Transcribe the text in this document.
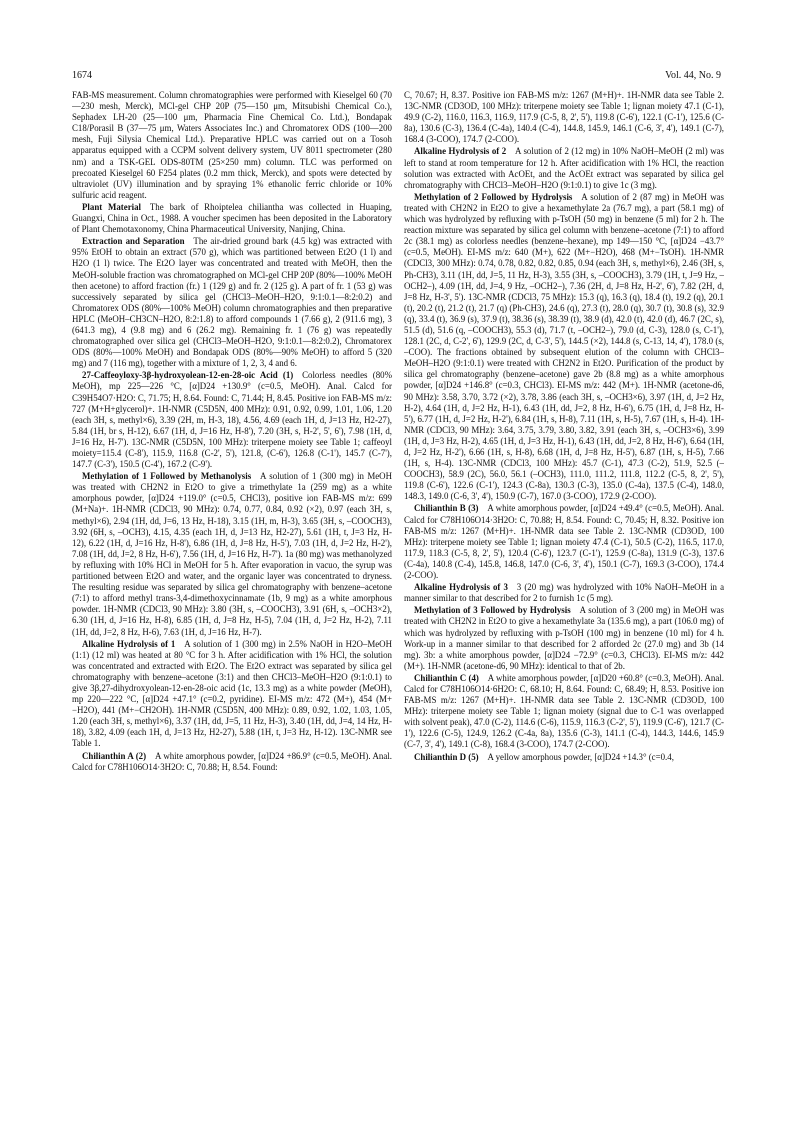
1674	Vol. 44, No. 9

FAB-MS measurement. Column chromatographies were performed with Kieselgel 60 (70—230 mesh, Merck), MCl-gel CHP 20P (75—150 μm, Mitsubishi Chemical Co.), Sephadex LH-20 (25—100 μm, Pharmacia Fine Chemical Co. Ltd.), Bondapak C18/Porasil B (37—75 μm, Waters Associates Inc.) and Chromatorex ODS (100—200 mesh, Fuji Silysia Chemical Ltd.). Preparative HPLC was carried out on a Tosoh apparatus equipped with a CCPM solvent delivery system, UV 8011 spectrometer (280 nm) and a TSK-GEL ODS-80TM (25×250 mm) column. TLC was performed on precoated Kieselgel 60 F254 plates (0.2 mm thick, Merck), and spots were detected by ultraviolet (UV) illumination and by spraying 1% ethanolic ferric chloride or 10% sulfuric acid reagent.

Plant Material  The bark of Rhoiptelea chiliantha was collected in Huaping, Guangxi, China in Oct., 1988. A voucher specimen has been deposited in the Laboratory of Plant Chemotaxonomy, China Pharmaceutical University, Nanjing, China.

Extraction and Separation  The air-dried ground bark (4.5 kg) was extracted with 95% EtOH to obtain an extract (570 g), which was partitioned between Et2O (1 l) and H2O (1 l) twice. The Et2O layer was concentrated and treated with MeOH, then the MeOH-soluble fraction was chromatographed on MCl-gel CHP 20P (80%—100% MeOH then acetone) to afford fraction (fr.) 1 (129 g) and fr. 2 (125 g). A part of fr. 1 (53 g) was successively separated by silica gel (CHCl3–MeOH–H2O, 9:1:0.1—8:2:0.2) and Chromatorex ODS (80%—100% MeOH) column chromatographies and then preparative HPLC (MeOH–CH3CN–H2O, 8:2:1.8) to afford compounds 1 (7.66 g), 2 (911.6 mg), 3 (641.3 mg), 4 (9.8 mg) and 6 (26.2 mg). Remaining fr. 1 (76 g) was repeatedly chromatographed over silica gel (CHCl3–MeOH–H2O, 9:1:0.1—8:2:0.2), Chromatorex ODS (80%—100% MeOH) and Bondapak ODS (80%—90% MeOH) to afford 5 (320 mg) and 7 (116 mg), together with a mixture of 1, 2, 3, 4 and 6.

27-Caffeoyloxy-3β-hydroxyolean-12-en-28-oic Acid (1)  Colorless needles (80% MeOH), mp 225—226 °C, [α]D24 +130.9° (c=0.5, MeOH). Anal. Calcd for C39H54O7·H2O: C, 71.75; H, 8.64. Found: C, 71.44; H, 8.45. Positive ion FAB-MS m/z: 727 (M+H+glycerol)+. 1H-NMR (C5D5N, 400 MHz): 0.91, 0.92, 0.99, 1.01, 1.06, 1.20 (each 3H, s, methyl×6), 3.39 (2H, m, H-3, 18), 4.56, 4.69 (each 1H, d, J=13 Hz, H2-27), 5.84 (1H, br s, H-12), 6.67 (1H, d, J=16 Hz, H-8'), 7.20 (3H, s, H-2', 5', 6'), 7.98 (1H, d, J=16 Hz, H-7'). 13C-NMR (C5D5N, 100 MHz): triterpene moiety see Table 1; caffeoyl moiety=115.4 (C-8'), 115.9, 116.8 (C-2', 5'), 121.8, (C-6'), 126.8 (C-1'), 145.7 (C-7'), 147.7 (C-3'), 150.5 (C-4'), 167.2 (C-9').

Methylation of 1 Followed by Methanolysis  A solution of 1 (300 mg) in MeOH was treated with CH2N2 in Et2O to give a trimethylate 1a (259 mg) as a white amorphous powder, [α]D24 +119.0° (c=0.5, CHCl3), positive ion FAB-MS m/z: 699 (M+Na)+. 1H-NMR (CDCl3, 90 MHz): 0.74, 0.77, 0.84, 0.92 (×2), 0.97 (each 3H, s, methyl×6), 2.94 (1H, dd, J=6, 13 Hz, H-18), 3.15 (1H, m, H-3), 3.65 (3H, s, –COOCH3), 3.92 (6H, s, –OCH3), 4.15, 4.35 (each 1H, d, J=13 Hz, H2-27), 5.61 (1H, t, J=3 Hz, H-12), 6.22 (1H, d, J=16 Hz, H-8'), 6.86 (1H, d, J=8 Hz, H-5'), 7.03 (1H, d, J=2 Hz, H-2'), 7.08 (1H, dd, J=2, 8 Hz, H-6'), 7.56 (1H, d, J=16 Hz, H-7'). 1a (80 mg) was methanolyzed by refluxing with 10% HCl in MeOH for 5 h. After evaporation in vacuo, the syrup was partitioned between Et2O and water, and the organic layer was concentrated to dryness. The resulting residue was separated by silica gel chromatography with benzene–acetone (7:1) to afford methyl trans-3,4-dimethoxycinnamate (1b, 9 mg) as a white amorphous powder. 1H-NMR (CDCl3, 90 MHz): 3.80 (3H, s, –COOCH3), 3.91 (6H, s, –OCH3×2), 6.30 (1H, d, J=16 Hz, H-8), 6.85 (1H, d, J=8 Hz, H-5), 7.04 (1H, d, J=2 Hz, H-2), 7.11 (1H, dd, J=2, 8 Hz, H-6), 7.63 (1H, d, J=16 Hz, H-7).

Alkaline Hydrolysis of 1  A solution of 1 (300 mg) in 2.5% NaOH in H2O–MeOH (1:1) (12 ml) was heated at 80 °C for 3 h. After acidification with 1% HCl, the solution was concentrated and extracted with Et2O. The Et2O extract was separated by silica gel chromatography with benzene–acetone (3:1) and then CHCl3–MeOH–H2O (9:1:0.1) to give 3β,27-dihydroxyolean-12-en-28-oic acid (1c, 13.3 mg) as a white powder (MeOH), mp 220—222 °C, [α]D24 +47.1° (c=0.2, pyridine). EI-MS m/z: 472 (M+), 454 (M+−H2O), 441 (M+−CH2OH). 1H-NMR (C5D5N, 400 MHz): 0.89, 0.92, 1.02, 1.03, 1.05, 1.20 (each 3H, s, methyl×6), 3.37 (1H, dd, J=5, 11 Hz, H-3), 3.40 (1H, dd, J=4, 14 Hz, H-18), 3.82, 4.09 (each 1H, d, J=13 Hz, H2-27), 5.88 (1H, t, J=3 Hz, H-12). 13C-NMR see Table 1.

Chilianthin A (2)  A white amorphous powder, [α]D24 +86.9° (c=0.5, MeOH). Anal. Calcd for C78H106O14·3H2O: C, 70.88; H, 8.54. Found:

C, 70.67; H, 8.37. Positive ion FAB-MS m/z: 1267 (M+H)+. 1H-NMR data see Table 2. 13C-NMR (CD3OD, 100 MHz): triterpene moiety see Table 1; lignan moiety 47.1 (C-1), 49.9 (C-2), 116.0, 116.3, 116.9, 117.9 (C-5, 8, 2', 5'), 119.8 (C-6'), 122.1 (C-1'), 125.6 (C-8a), 130.6 (C-3), 136.4 (C-4a), 140.4 (C-4), 144.8, 145.9, 146.1 (C-6, 3', 4'), 149.1 (C-7), 168.4 (3-COO), 174.7 (2-COO).

Alkaline Hydrolysis of 2  A solution of 2 (12 mg) in 10% NaOH–MeOH (2 ml) was left to stand at room temperature for 12 h. After acidification with 1% HCl, the reaction solution was extracted with AcOEt, and the AcOEt extract was separated by silica gel chromatography with CHCl3–MeOH–H2O (9:1:0.1) to give 1c (3 mg).

Methylation of 2 Followed by Hydrolysis  A solution of 2 (87 mg) in MeOH was treated with CH2N2 in Et2O to give a hexamethylate 2a (76.7 mg), a part (58.1 mg) of which was hydrolyzed by refluxing with p-TsOH (50 mg) in benzene (5 ml) for 2 h. The reaction mixture was separated by silica gel column with benzene–acetone (7:1) to afford 2c (38.1 mg) as colorless needles (benzene–hexane), mp 149—150 °C, [α]D24 −43.7° (c=0.5, MeOH). EI-MS m/z: 640 (M+), 622 (M+−H2O), 468 (M+−TsOH). 1H-NMR (CDCl3, 300 MHz): 0.74, 0.78, 0.82, 0.82, 0.85, 0.94 (each 3H, s, methyl×6), 2.46 (3H, s, Ph-CH3), 3.11 (1H, dd, J=5, 11 Hz, H-3), 3.55 (3H, s, –COOCH3), 3.79 (1H, t, J=9 Hz, –OCH2–), 4.09 (1H, dd, J=4, 9 Hz, –OCH2–), 7.36 (2H, d, J=8 Hz, H-2', 6'), 7.82 (2H, d, J=8 Hz, H-3', 5'). 13C-NMR (CDCl3, 75 MHz): 15.3 (q), 16.3 (q), 18.4 (t), 19.2 (q), 20.1 (t), 20.2 (t), 21.2 (t), 21.7 (q) (Ph-CH3), 24.6 (q), 27.3 (t), 28.0 (q), 30.7 (t), 30.8 (s), 32.9 (q), 33.4 (t), 36.9 (s), 37.9 (t), 38.36 (s), 38.39 (t), 38.9 (d), 42.0 (t), 42.0 (d), 46.7 (2C, s), 51.5 (d), 51.6 (q, –COOCH3), 55.3 (d), 71.7 (t, –OCH2–), 79.0 (d, C-3), 128.0 (s, C-1'), 128.1 (2C, d, C-2', 6'), 129.9 (2C, d, C-3', 5'), 144.5 (×2), 144.8 (s, C-13, 14, 4'), 178.0 (s, –COO). The fractions obtained by subsequent elution of the column with CHCl3–MeOH–H2O (9:1:0.1) were treated with CH2N2 in Et2O. Purification of the product by silica gel chromatography (benzene–acetone) gave 2b (8.8 mg) as a white amorphous powder, [α]D24 +146.8° (c=0.3, CHCl3). EI-MS m/z: 442 (M+). 1H-NMR (acetone-d6, 90 MHz): 3.58, 3.70, 3.72 (×2), 3.78, 3.86 (each 3H, s, –OCH3×6), 3.97 (1H, d, J=2 Hz, H-2), 4.64 (1H, d, J=2 Hz, H-1), 6.43 (1H, dd, J=2, 8 Hz, H-6'), 6.75 (1H, d, J=8 Hz, H-5'), 6.77 (1H, d, J=2 Hz, H-2'), 6.84 (1H, s, H-8), 7.11 (1H, s, H-5), 7.67 (1H, s, H-4). 1H-NMR (CDCl3, 90 MHz): 3.64, 3.75, 3.79, 3.80, 3.82, 3.91 (each 3H, s, –OCH3×6), 3.99 (1H, d, J=3 Hz, H-2), 4.65 (1H, d, J=3 Hz, H-1), 6.43 (1H, dd, J=2, 8 Hz, H-6'), 6.64 (1H, d, J=2 Hz, H-2'), 6.66 (1H, s, H-8), 6.68 (1H, d, J=8 Hz, H-5'), 6.87 (1H, s, H-5), 7.66 (1H, s, H-4). 13C-NMR (CDCl3, 100 MHz): 45.7 (C-1), 47.3 (C-2), 51.9, 52.5 (–COOCH3), 58.9 (2C), 56.0, 56.1 (–OCH3), 111.0, 111.2, 111.8, 112.2 (C-5, 8, 2', 5'), 119.8 (C-6'), 122.6 (C-1'), 124.3 (C-8a), 130.3 (C-3), 135.0 (C-4a), 137.5 (C-4), 148.0, 148.3, 149.0 (C-6, 3', 4'), 150.9 (C-7), 167.0 (3-COO), 172.9 (2-COO).

Chilianthin B (3)  A white amorphous powder, [α]D24 +49.4° (c=0.5, MeOH). Anal. Calcd for C78H106O14·3H2O: C, 70.88; H, 8.54. Found: C, 70.45; H, 8.32. Positive ion FAB-MS m/z: 1267 (M+H)+. 1H-NMR data see Table 2. 13C-NMR (CD3OD, 100 MHz): triterpene moiety see Table 1; lignan moiety 47.4 (C-1), 50.5 (C-2), 116.5, 117.0, 117.9, 118.3 (C-5, 8, 2', 5'), 120.4 (C-6'), 123.7 (C-1'), 125.9 (C-8a), 131.9 (C-3), 137.6 (C-4a), 140.8 (C-4), 145.8, 146.8, 147.0 (C-6, 3', 4'), 150.1 (C-7), 169.3 (3-COO), 174.4 (2-COO).

Alkaline Hydrolysis of 3  3 (20 mg) was hydrolyzed with 10% NaOH–MeOH in a manner similar to that described for 2 to furnish 1c (5 mg).

Methylation of 3 Followed by Hydrolysis  A solution of 3 (200 mg) in MeOH was treated with CH2N2 in Et2O to give a hexamethylate 3a (135.6 mg), a part (106.0 mg) of which was hydrolyzed by refluxing with p-TsOH (100 mg) in benzene (10 ml) for 4 h. Work-up in a manner similar to that described for 2 afforded 2c (27.0 mg) and 3b (14 mg). 3b: a white amorphous powder, [α]D24 −72.9° (c=0.3, CHCl3). EI-MS m/z: 442 (M+). 1H-NMR (acetone-d6, 90 MHz): identical to that of 2b.

Chilianthin C (4)  A white amorphous powder, [α]D20 +60.8° (c=0.3, MeOH). Anal. Calcd for C78H106O14·6H2O: C, 68.10; H, 8.64. Found: C, 68.49; H, 8.53. Positive ion FAB-MS m/z: 1267 (M+H)+. 1H-NMR data see Table 2. 13C-NMR (CD3OD, 100 MHz): triterpene moiety see Table 1; lignan moiety (signal due to C-1 was overlapped with solvent peak), 47.0 (C-2), 114.6 (C-6), 115.9, 116.3 (C-2', 5'), 119.9 (C-6'), 121.7 (C-1'), 122.6 (C-5), 124.9, 126.2 (C-4a, 8a), 135.6 (C-3), 141.1 (C-4), 144.3, 144.6, 145.9 (C-7, 3', 4'), 149.1 (C-8), 168.4 (3-COO), 174.7 (2-COO).

Chilianthin D (5)  A yellow amorphous powder, [α]D24 +14.3° (c=0.4,
